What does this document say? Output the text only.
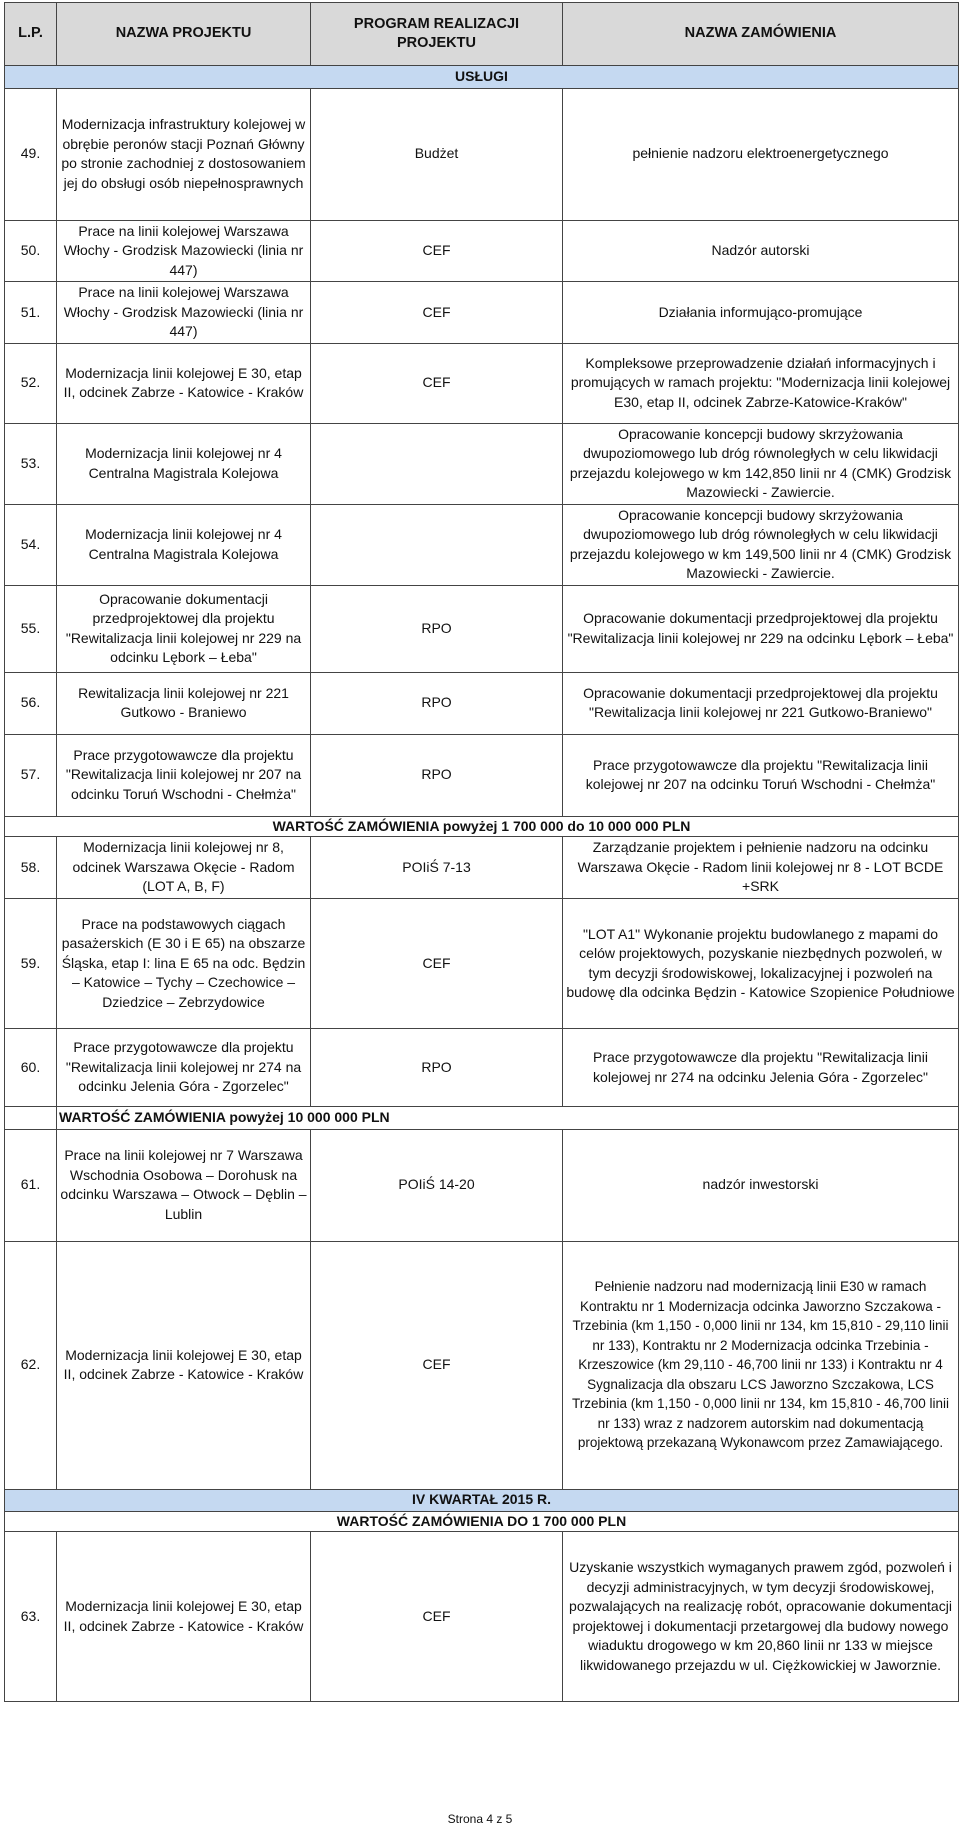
L.P.	NAZWA PROJEKTU	PROGRAM REALIZACJI PROJEKTU	NAZWA ZAMÓWIENIA
USŁUGI			
49.	Modernizacja infrastruktury kolejowej w obrębie peronów stacji Poznań Główny po stronie zachodniej z dostosowaniem jej do obsługi osób niepełnosprawnych	Budżet	pełnienie nadzoru elektroenergetycznego
50.	Prace na linii kolejowej Warszawa Włochy - Grodzisk Mazowiecki (linia nr 447)	CEF	Nadzór autorski
51.	Prace na linii kolejowej Warszawa Włochy - Grodzisk Mazowiecki (linia nr 447)	CEF	Działania informująco-promujące
52.	Modernizacja linii kolejowej E 30, etap II, odcinek Zabrze - Katowice - Kraków	CEF	Kompleksowe przeprowadzenie działań informacyjnych i promujących w ramach projektu: "Modernizacja linii kolejowej E30, etap II, odcinek Zabrze-Katowice-Kraków"
53.	Modernizacja linii kolejowej nr 4 Centralna Magistrala Kolejowa		Opracowanie koncepcji budowy skrzyżowania dwupoziomowego lub dróg równoległych w celu likwidacji przejazdu kolejowego w km 142,850 linii nr 4 (CMK) Grodzisk Mazowiecki - Zawiercie.
54.	Modernizacja linii kolejowej nr 4 Centralna Magistrala Kolejowa		Opracowanie koncepcji budowy skrzyżowania dwupoziomowego lub dróg równoległych w celu likwidacji przejazdu kolejowego w km 149,500 linii nr 4 (CMK) Grodzisk Mazowiecki - Zawiercie.
55.	Opracowanie dokumentacji przedprojektowej dla projektu "Rewitalizacja linii kolejowej nr 229 na odcinku Lębork – Łeba"	RPO	Opracowanie dokumentacji przedprojektowej dla projektu "Rewitalizacja linii kolejowej nr 229 na odcinku Lębork – Łeba"
56.	Rewitalizacja linii kolejowej nr 221 Gutkowo - Braniewo	RPO	Opracowanie dokumentacji przedprojektowej dla projektu "Rewitalizacja linii kolejowej nr 221 Gutkowo-Braniewo"
57.	Prace przygotowawcze dla projektu "Rewitalizacja linii kolejowej nr 207 na odcinku Toruń Wschodni - Chełmża"	RPO	Prace przygotowawcze dla projektu "Rewitalizacja linii kolejowej nr 207 na odcinku Toruń Wschodni - Chełmża"
WARTOŚĆ ZAMÓWIENIA powyżej 1 700 000 do 10 000 000 PLN			
58.	Modernizacja linii kolejowej nr 8, odcinek Warszawa Okęcie - Radom (LOT A, B, F)	POIiŚ 7-13	Zarządzanie projektem i pełnienie nadzoru na odcinku Warszawa Okęcie - Radom linii kolejowej nr 8 - LOT BCDE +SRK
59.	Prace na podstawowych ciągach pasażerskich (E 30 i E 65) na obszarze Śląska, etap I: lina E 65 na odc. Będzin – Katowice – Tychy – Czechowice – Dziedzice – Zebrzydowice	CEF	"LOT A1" Wykonanie projektu budowlanego z mapami do celów projektowych, pozyskanie niezbędnych pozwoleń, w tym decyzji środowiskowej, lokalizacyjnej i pozwoleń na budowę dla odcinka Będzin - Katowice Szopienice Południowe
60.	Prace przygotowawcze dla projektu "Rewitalizacja linii kolejowej nr 274 na odcinku Jelenia Góra - Zgorzelec"	RPO	Prace przygotowawcze dla projektu "Rewitalizacja linii kolejowej nr 274 na odcinku Jelenia Góra - Zgorzelec"
	WARTOŚĆ ZAMÓWIENIA powyżej 10 000 000 PLN		
61.	Prace na linii kolejowej nr 7 Warszawa Wschodnia Osobowa – Dorohusk na odcinku Warszawa – Otwock – Dęblin – Lublin	POIiŚ 14-20	nadzór inwestorski
62.	Modernizacja linii kolejowej E 30, etap II, odcinek Zabrze - Katowice - Kraków	CEF	Pełnienie nadzoru nad modernizacją linii E30 w ramach Kontraktu nr 1 Modernizacja odcinka Jaworzno Szczakowa - Trzebinia (km 1,150 - 0,000 linii nr 134, km 15,810 - 29,110 linii nr 133), Kontraktu nr 2 Modernizacja odcinka Trzebinia - Krzeszowice (km 29,110 - 46,700 linii nr 133) i Kontraktu nr 4 Sygnalizacja dla obszaru LCS Jaworzno Szczakowa, LCS Trzebinia (km 1,150 - 0,000 linii nr 134, km 15,810 - 46,700 linii nr 133) wraz z nadzorem autorskim nad dokumentacją projektową przekazaną Wykonawcom przez Zamawiającego.
IV KWARTAŁ 2015 R.			
WARTOŚĆ ZAMÓWIENIA DO 1 700 000 PLN			
63.	Modernizacja linii kolejowej E 30, etap II, odcinek Zabrze - Katowice - Kraków	CEF	Uzyskanie wszystkich wymaganych prawem zgód, pozwoleń i decyzji administracyjnych, w tym decyzji środowiskowej, pozwalających na realizację robót, opracowanie dokumentacji projektowej i dokumentacji przetargowej dla budowy nowego wiaduktu drogowego w km 20,860 linii nr 133 w miejsce likwidowanego przejazdu w ul. Ciężkowickiej w Jaworznie.
Strona 4 z 5
